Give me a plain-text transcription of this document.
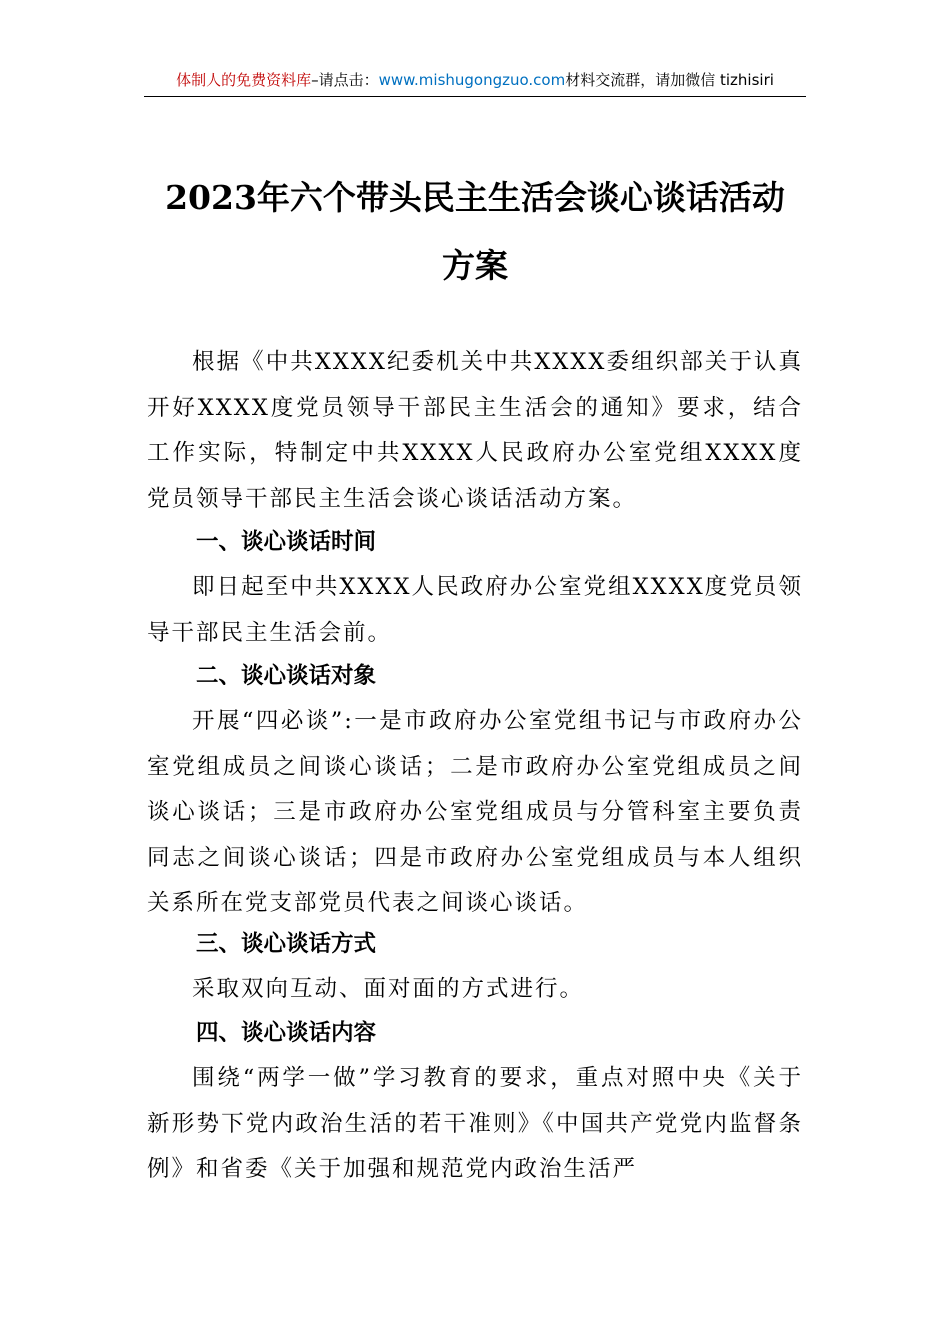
体制人的免费资料库–请点击：www.mishugongzuo.com材料交流群，请加微信 tizhisiri
2023年六个带头民主生活会谈心谈话活动
方案
根据《中共XXXX纪委机关中共XXXX委组织部关于认真开好XXXX度党员领导干部民主生活会的通知》要求，结合工作实际，特制定中共XXXX人民政府办公室党组XXXX度党员领导干部民主生活会谈心谈话活动方案。
一、谈心谈话时间
即日起至中共XXXX人民政府办公室党组XXXX度党员领导干部民主生活会前。
二、谈心谈话对象
开展“四必谈”:一是市政府办公室党组书记与市政府办公室党组成员之间谈心谈话；二是市政府办公室党组成员之间谈心谈话；三是市政府办公室党组成员与分管科室主要负责同志之间谈心谈话；四是市政府办公室党组成员与本人组织关系所在党支部党员代表之间谈心谈话。
三、谈心谈话方式
采取双向互动、面对面的方式进行。
四、谈心谈话内容
围绕“两学一做”学习教育的要求，重点对照中央《关于新形势下党内政治生活的若干准则》《中国共产党党内监督条例》和省委《关于加强和规范党内政治生活严
